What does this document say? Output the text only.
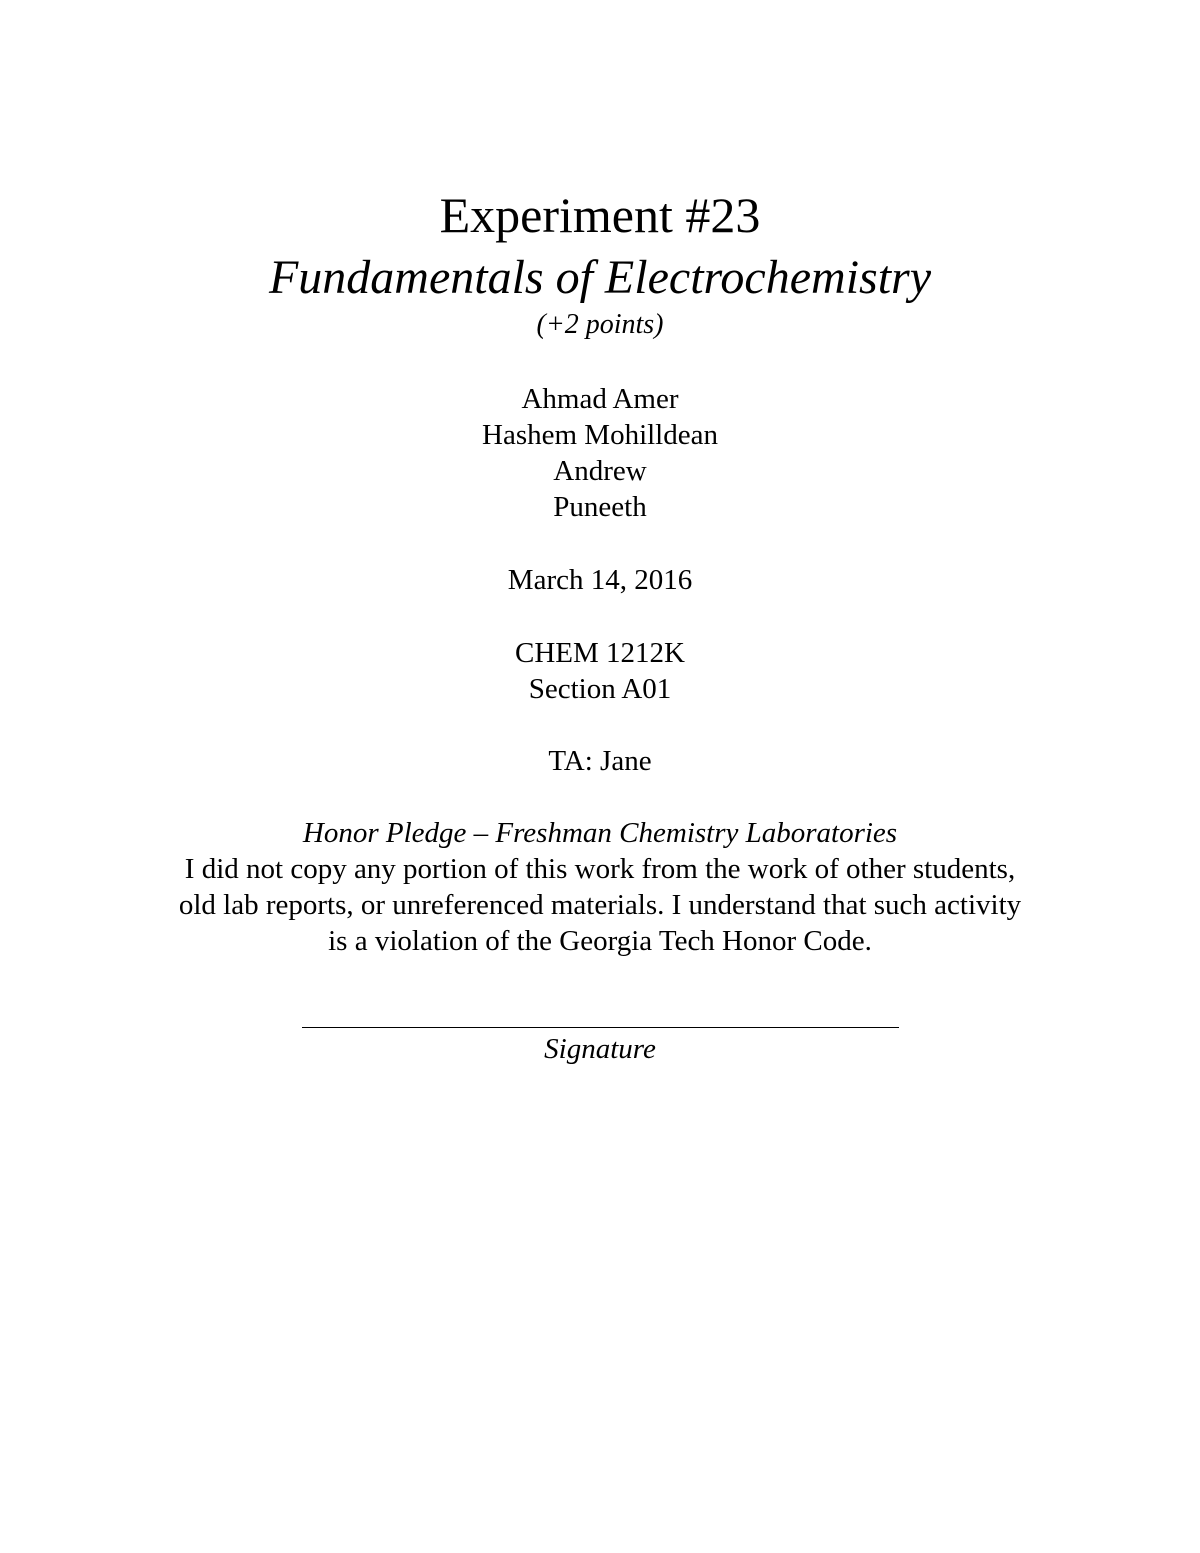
Experiment #23
Fundamentals of Electrochemistry
(+2 points)
Ahmad Amer
Hashem Mohilldean
Andrew
Puneeth
March 14, 2016
CHEM 1212K
Section A01
TA: Jane
Honor Pledge – Freshman Chemistry Laboratories
I did not copy any portion of this work from the work of other students,
old lab reports, or unreferenced materials. I understand that such activity
is a violation of the Georgia Tech Honor Code.
Signature
